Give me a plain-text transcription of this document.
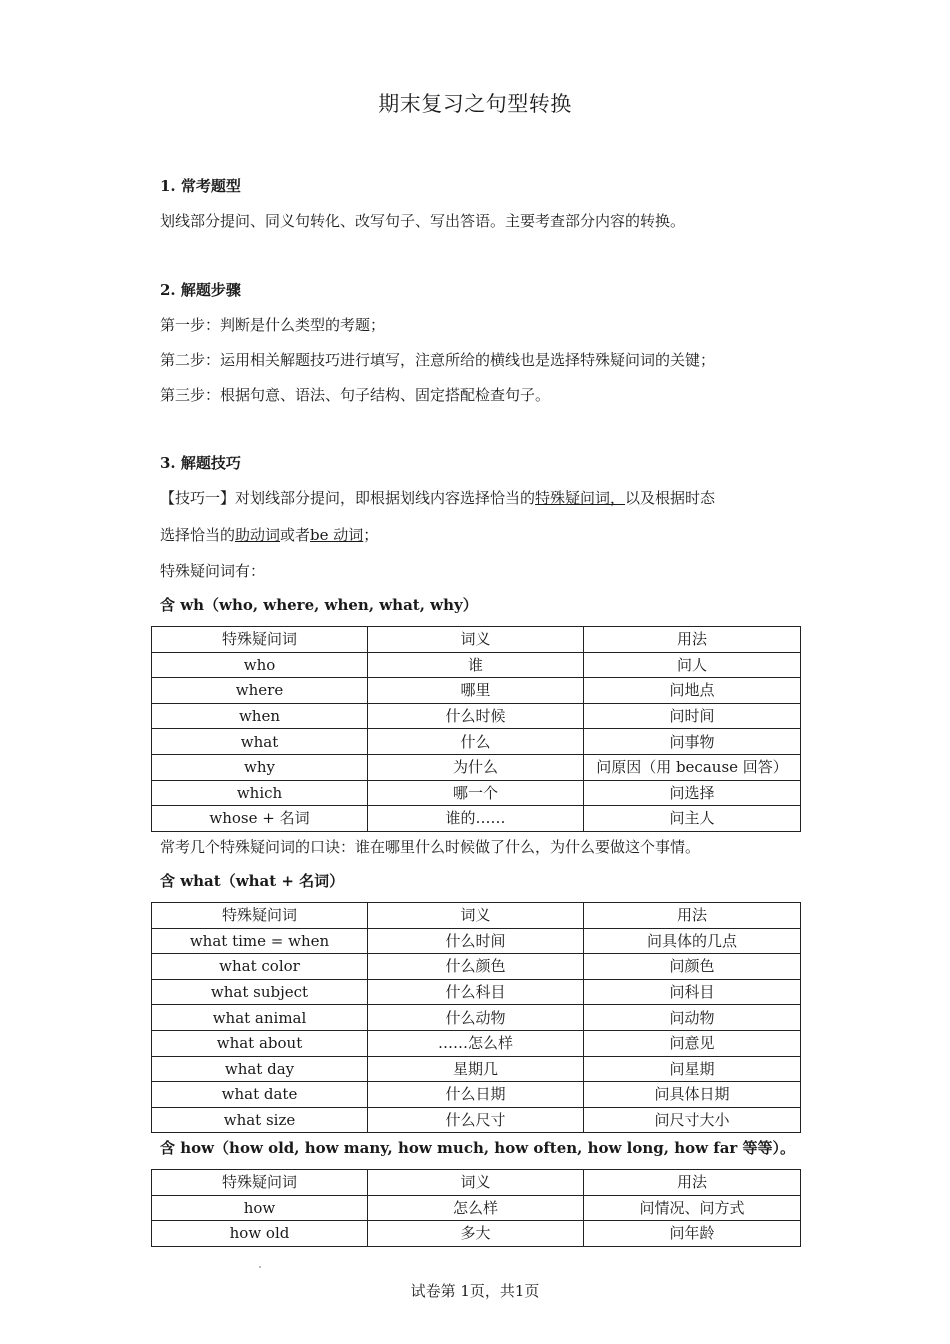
期末复习之句型转换
1. 常考题型
划线部分提问、同义句转化、改写句子、写出答语。主要考查部分内容的转换。
2. 解题步骤
第一步：判断是什么类型的考题；
第二步：运用相关解题技巧进行填写，注意所给的横线也是选择特殊疑问词的关键；
第三步：根据句意、语法、句子结构、固定搭配检查句子。
3. 解题技巧
【技巧一】对划线部分提问，即根据划线内容选择恰当的特殊疑问词，以及根据时态
选择恰当的助动词或者be 动词；
特殊疑问词有：
含 wh（who, where, when, what, why）
特殊疑问词	词义	用法
who	谁	问人
where	哪里	问地点
when	什么时候	问时间
what	什么	问事物
why	为什么	问原因（用 because 回答）
which	哪一个	问选择
whose + 名词	谁的……	问主人
常考几个特殊疑问词的口诀：谁在哪里什么时候做了什么，为什么要做这个事情。
含 what（what + 名词）
特殊疑问词	词义	用法
what time = when	什么时间	问具体的几点
what color	什么颜色	问颜色
what subject	什么科目	问科目
what animal	什么动物	问动物
what about	……怎么样	问意见
what day	星期几	问星期
what date	什么日期	问具体日期
what size	什么尺寸	问尺寸大小
含 how（how old, how many, how much, how often, how long, how far 等等）。
特殊疑问词	词义	用法
how	怎么样	问情况、问方式
how old	多大	问年龄
试卷第 1页，共1页
